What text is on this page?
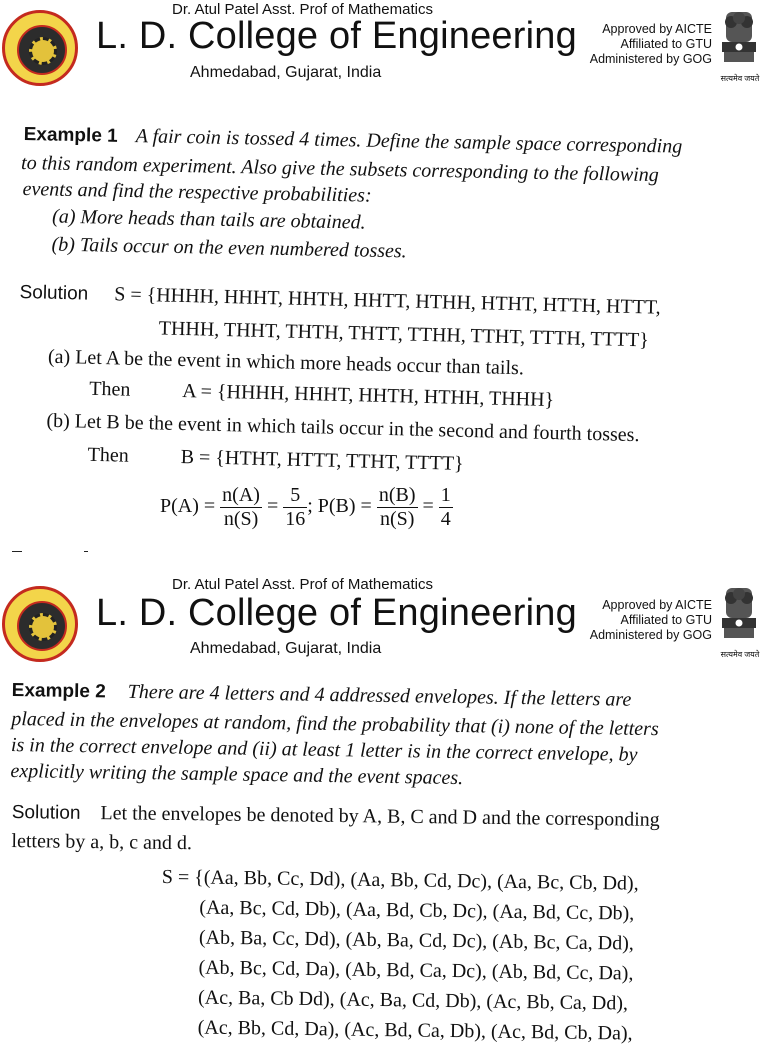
Dr. Atul Patel Asst. Prof of Mathematics
L. D. College of Engineering
Ahmedabad, Gujarat, India
Approved by AICTE
Affiliated to GTU
Administered by GOG
सत्यमेव जयते
Example 1 A fair coin is tossed 4 times. Define the sample space corresponding
to this random experiment. Also give the subsets corresponding to the following
events and find the respective probabilities:
(a) More heads than tails are obtained.
(b) Tails occur on the even numbered tosses.
Solution S = {HHHH, HHHT, HHTH, HHTT, HTHH, HTHT, HTTH, HTTT,
THHH, THHT, THTH, THTT, TTHH, TTHT, TTTH, TTTT}
(a) Let A be the event in which more heads occur than tails.
Then	A = {HHHH, HHHT, HHTH, HTHH, THHH}
(b) Let B be the event in which tails occur in the second and fourth tosses.
Then	B = {HTHT, HTTT, TTHT, TTTT}
$P(A) = \frac{n(A)}{n(S)} = \frac{5}{16}$ ; $P(B) = \frac{n(B)}{n(S)} = \frac{1}{4}$
Dr. Atul Patel Asst. Prof of Mathematics
L. D. College of Engineering
Ahmedabad, Gujarat, India
Approved by AICTE
Affiliated to GTU
Administered by GOG
सत्यमेव जयते
Example 2 There are 4 letters and 4 addressed envelopes. If the letters are
placed in the envelopes at random, find the probability that (i) none of the letters
is in the correct envelope and (ii) at least 1 letter is in the correct envelope, by
explicitly writing the sample space and the event spaces.
Solution Let the envelopes be denoted by A, B, C and D and the corresponding
letters by a, b, c and d.
S = {(Aa, Bb, Cc, Dd), (Aa, Bb, Cd, Dc), (Aa, Bc, Cb, Dd),
(Aa, Bc, Cd, Db), (Aa, Bd, Cb, Dc), (Aa, Bd, Cc, Db),
(Ab, Ba, Cc, Dd), (Ab, Ba, Cd, Dc), (Ab, Bc, Ca, Dd),
(Ab, Bc, Cd, Da), (Ab, Bd, Ca, Dc), (Ab, Bd, Cc, Da),
(Ac, Ba, Cb Dd), (Ac, Ba, Cd, Db), (Ac, Bb, Ca, Dd),
(Ac, Bb, Cd, Da), (Ac, Bd, Ca, Db), (Ac, Bd, Cb, Da),
